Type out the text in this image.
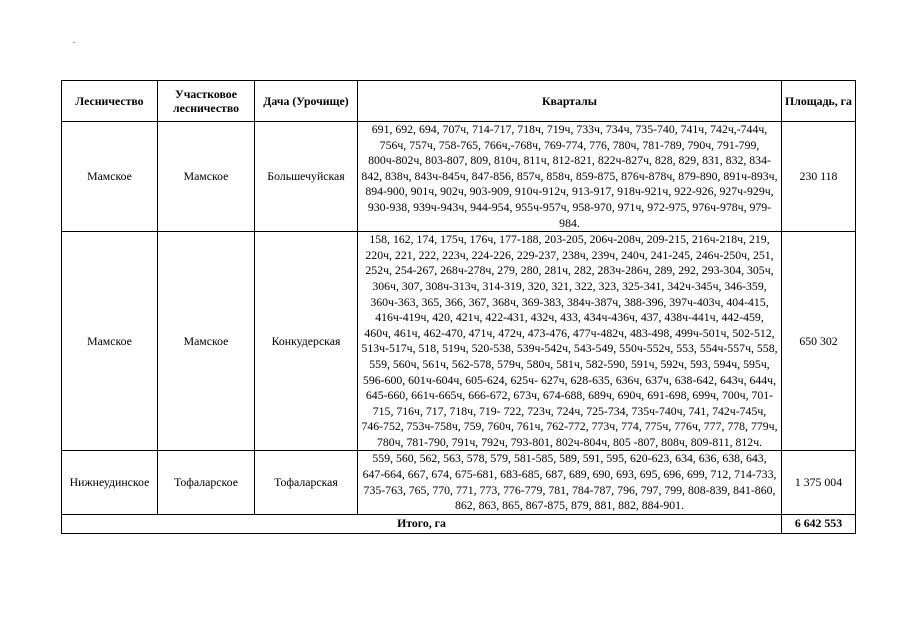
Лесничество	Участковое лесничество	Дача (Урочище)	Кварталы	Площадь, га
Мамское	Мамское	Большечуйская	691, 692, 694, 707ч, 714-717, 718ч, 719ч, 733ч, 734ч, 735-740, 741ч, 742ч,-744ч, 756ч, 757ч, 758-765, 766ч,-768ч, 769-774, 776, 780ч, 781-789, 790ч, 791-799, 800ч-802ч, 803-807, 809, 810ч, 811ч, 812-821, 822ч-827ч, 828, 829, 831, 832, 834-842, 838ч, 843ч-845ч, 847-856, 857ч, 858ч, 859-875, 876ч-878ч, 879-890, 891ч-893ч, 894-900, 901ч, 902ч, 903-909, 910ч-912ч, 913-917, 918ч-921ч, 922-926, 927ч-929ч, 930-938, 939ч-943ч, 944-954, 955ч-957ч, 958-970, 971ч, 972-975, 976ч-978ч, 979-984.	230 118
Мамское	Мамское	Конкудерская	158, 162, 174, 175ч, 176ч, 177-188, 203-205, 206ч-208ч, 209-215, 216ч-218ч, 219, 220ч, 221, 222, 223ч, 224-226, 229-237, 238ч, 239ч, 240ч, 241-245, 246ч-250ч, 251, 252ч, 254-267, 268ч-278ч, 279, 280, 281ч, 282, 283ч-286ч, 289, 292, 293-304, 305ч, 306ч, 307, 308ч-313ч, 314-319, 320, 321, 322, 323, 325-341, 342ч-345ч, 346-359, 360ч-363, 365, 366, 367, 368ч, 369-383, 384ч-387ч, 388-396, 397ч-403ч, 404-415, 416ч-419ч, 420, 421ч, 422-431, 432ч, 433, 434ч-436ч, 437, 438ч-441ч, 442-459, 460ч, 461ч, 462-470, 471ч, 472ч, 473-476, 477ч-482ч, 483-498, 499ч-501ч, 502-512, 513ч-517ч, 518, 519ч, 520-538, 539ч-542ч, 543-549, 550ч-552ч, 553, 554ч-557ч, 558, 559, 560ч, 561ч, 562-578, 579ч, 580ч, 581ч, 582-590, 591ч, 592ч, 593, 594ч, 595ч, 596-600, 601ч-604ч, 605-624, 625ч- 627ч, 628-635, 636ч, 637ч, 638-642, 643ч, 644ч, 645-660, 661ч-665ч, 666-672, 673ч, 674-688, 689ч, 690ч, 691-698, 699ч, 700ч, 701-715, 716ч, 717, 718ч, 719- 722, 723ч, 724ч, 725-734, 735ч-740ч, 741, 742ч-745ч, 746-752, 753ч-758ч, 759, 760ч, 761ч, 762-772, 773ч, 774, 775ч, 776ч, 777, 778, 779ч, 780ч, 781-790, 791ч, 792ч, 793-801, 802ч-804ч, 805 -807, 808ч, 809-811, 812ч.	650 302
Нижнеудинское	Тофаларское	Тофаларская	559, 560, 562, 563, 578, 579, 581-585, 589, 591, 595, 620-623, 634, 636, 638, 643, 647-664, 667, 674, 675-681, 683-685, 687, 689, 690, 693, 695, 696, 699, 712, 714-733, 735-763, 765, 770, 771, 773, 776-779, 781, 784-787, 796, 797, 799, 808-839, 841-860, 862, 863, 865, 867-875, 879, 881, 882, 884-901.	1 375 004
Итого, га				6 642 553
